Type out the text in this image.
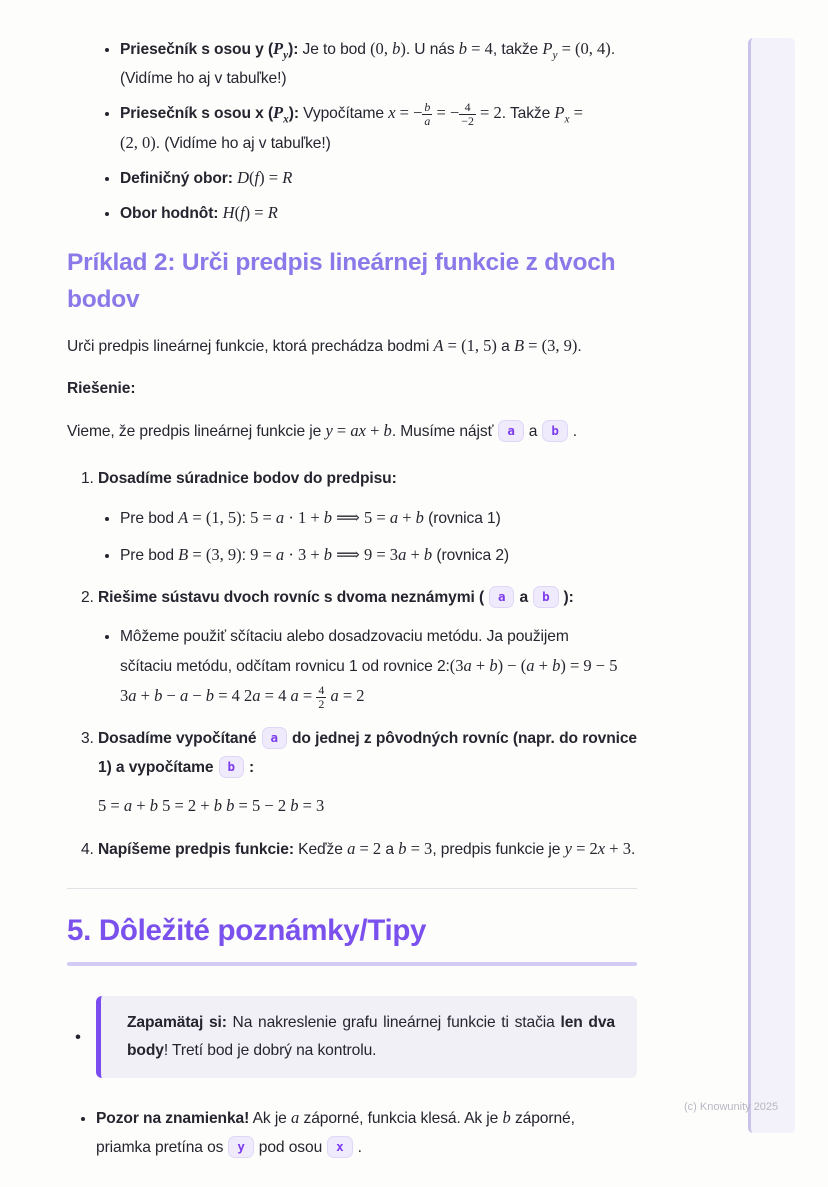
• Priesečník s osou y $(P_y)$: Je to bod (0, b). U nás b = 4, takže $P_y = (0$, 4).
(Vidíme ho aj v tabuľke!)
• Priesečník s osou x $(P_x)$: Vypočítame x = − $\frac{b}{a}$ = − $\frac{4}{-2} = 2$. Takže $P_x$ =
(2, 0). (Vidíme ho aj v tabuľke!)
• Definičný obor: D(f) = R
• Obor hodnôt: H(f) = R
Príklad 2: Urči predpis lineárnej funkcie z dvoch bodov

Urči predpis lineárnej funkcie, ktorá prechádza bodmi A = (1, 5) a B = (3, 9).

Riešenie:

Vieme, že predpis lineárnej funkcie je y = ax + b. Musíme nájsť a a b .

1. Dosadíme súradnice bodov do predpisu:
• Pre bod A = (1, 5): 5 = a · 1 + b ⟹ 5 = a + b (rovnica 1)
• Pre bod B = (3, 9): 9 = a · 3 + b ⟹ 9 = 3a + b (rovnica 2)
2. Riešime sústavu dvoch rovníc s dvoma neznámymi ( a a b ):
• Môžeme použiť sčítaciu alebo dosadzovaciu metódu. Ja použijem
sčítaciu metódu, odčítam rovnicu 1 od rovnice 2:(3a + b) − (a + b) = 9 − 5
3a + b − a − b = 4 2a = 4 $a = \frac{4}{2}$ a = 2
3. Dosadíme vypočítané a do jednej z pôvodných rovníc (napr. do rovnice 1) a vypočítame b :
5 = a + b 5 = 2 + b b = 5 − 2 b = 3
4. Napíšeme predpis funkcie: Keďže a = 2 a b = 3, predpis funkcie je y = 2x + 3.
5. Dôležité poznámky/Tipy
• Zapamätaj si: Na nakreslenie grafu lineárnej funkcie ti stačia len dva body! Tretí bod je dobrý na kontrolu.
• Pozor na znamienka! Ak je a záporné, funkcia klesá. Ak je b záporné,
priamka pretína os y pod osou x .
(c) Knowunity 2025
